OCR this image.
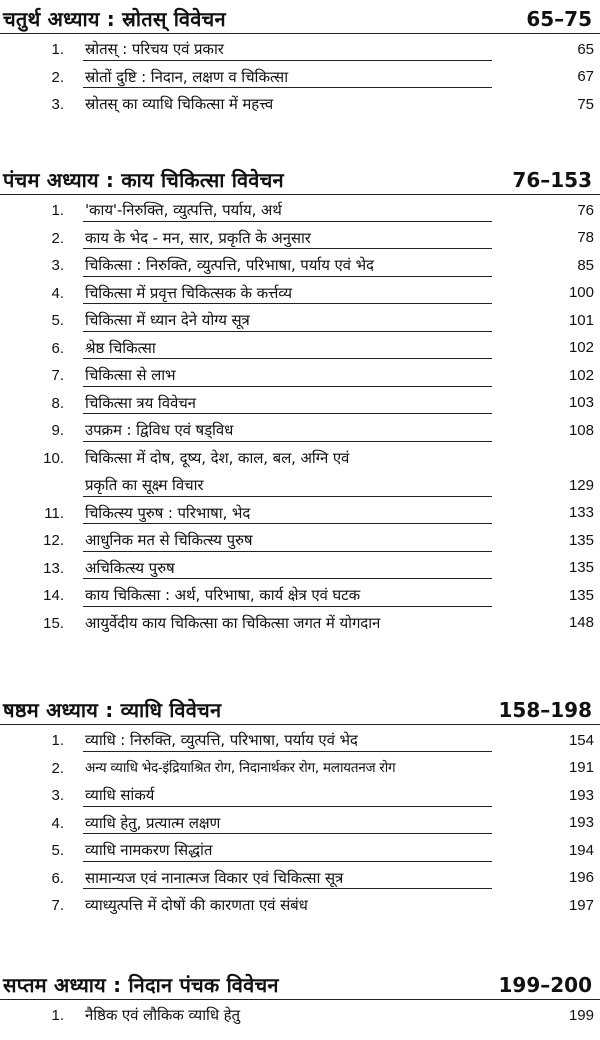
चतुर्थ अध्याय : स्रोतस् विवेचन	65–75
1. स्रोतस् : परिचय एवं प्रकार	65
2. स्रोतों दुष्टि : निदान, लक्षण व चिकित्सा	67
3. स्रोतस् का व्याधि चिकित्सा में महत्त्व	75
पंचम अध्याय : काय चिकित्सा विवेचन	76–153
1. 'काय'-निरुक्ति, व्युत्पत्ति, पर्याय, अर्थ	76
2. काय के भेद - मन, सार, प्रकृति के अनुसार	78
3. चिकित्सा : निरुक्ति, व्युत्पत्ति, परिभाषा, पर्याय एवं भेद	85
4. चिकित्सा में प्रवृत्त चिकित्सक के कर्त्तव्य	100
5. चिकित्सा में ध्यान देने योग्य सूत्र	101
6. श्रेष्ठ चिकित्सा	102
7. चिकित्सा से लाभ	102
8. चिकित्सा त्रय विवेचन	103
9. उपक्रम : द्विविध एवं षड्विध	108
10. चिकित्सा में दोष, दूष्य, देश, काल, बल, अग्नि एवं
प्रकृति का सूक्ष्म विचार	129
11. चिकित्स्य पुरुष : परिभाषा, भेद	133
12. आधुनिक मत से चिकित्स्य पुरुष	135
13. अचिकित्स्य पुरुष	135
14. काय चिकित्सा : अर्थ, परिभाषा, कार्य क्षेत्र एवं घटक	135
15. आयुर्वेदीय काय चिकित्सा का चिकित्सा जगत में योगदान	148
षष्ठम अध्याय : व्याधि विवेचन	158–198
1. व्याधि : निरुक्ति, व्युत्पत्ति, परिभाषा, पर्याय एवं भेद	154
2. अन्य व्याधि भेद-इंद्रियाश्रित रोग, निदानार्थकर रोग, मलायतनज रोग	191
3. व्याधि सांकर्य	193
4. व्याधि हेतु, प्रत्यात्म लक्षण	193
5. व्याधि नामकरण सिद्धांत	194
6. सामान्यज एवं नानात्मज विकार एवं चिकित्सा सूत्र	196
7. व्याध्युत्पत्ति में दोषों की कारणता एवं संबंध	197
सप्तम अध्याय : निदान पंचक विवेचन	199–200
1. नैष्ठिक एवं लौकिक व्याधि हेतु	199
